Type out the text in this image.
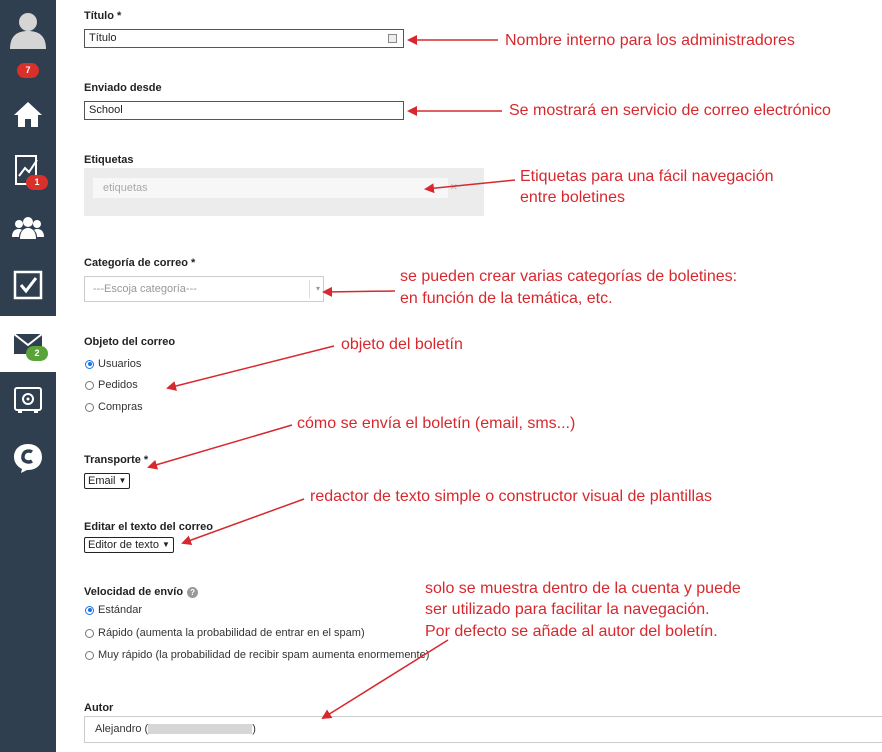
7
1
2
Título *
Título
Enviado desde
School
Etiquetas
etiquetas	×
Categoría de correo *
---Escoja categoría---	▾
Objeto del correo
Usuarios
Pedidos
Compras
Transporte *
Email ▼
Editar el texto del correo
Editor de texto ▼
Velocidad de envío ?
Estándar
Rápido (aumenta la probabilidad de entrar en el spam)
Muy rápido (la probabilidad de recibir spam aumenta enormemente)
Autor
Alejandro (	)
Nombre interno para los administradores
Se mostrará en servicio de correo electrónico
Etiquetas para una fácil navegación
entre boletines
se pueden crear varias categorías de boletines:
en función de la temática, etc.
objeto del boletín
cómo se envía el boletín (email, sms...)
redactor de texto simple o constructor visual de plantillas
solo se muestra dentro de la cuenta y puede
ser utilizado para facilitar la navegación.
Por defecto se añade al autor del boletín.
